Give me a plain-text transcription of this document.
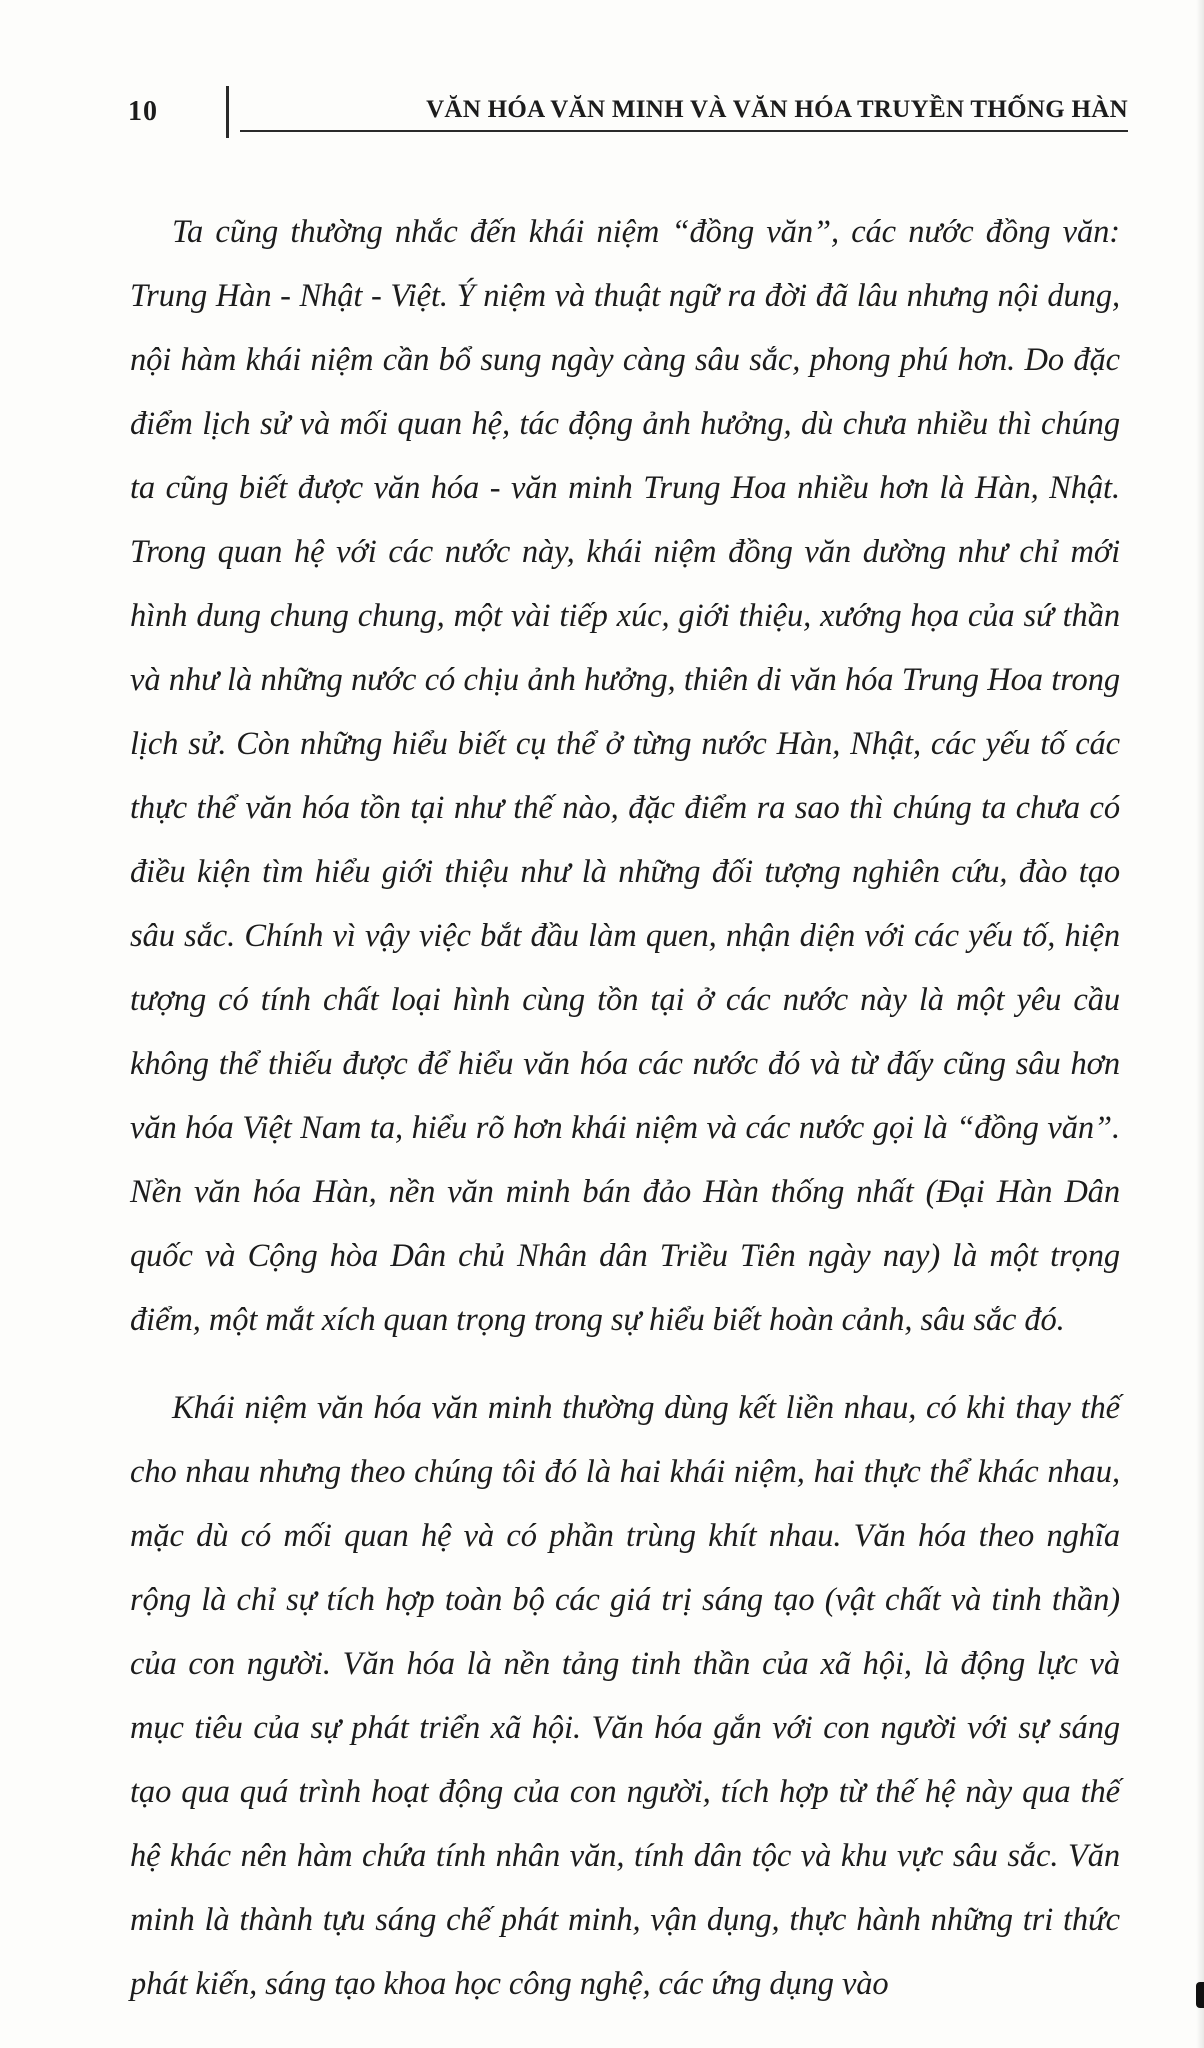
10	VĂN HÓA VĂN MINH VÀ VĂN HÓA TRUYỀN THỐNG HÀN

Ta cũng thường nhắc đến khái niệm “đồng văn”, các nước đồng văn: Trung Hàn - Nhật - Việt. Ý niệm và thuật ngữ ra đời đã lâu nhưng nội dung, nội hàm khái niệm cần bổ sung ngày càng sâu sắc, phong phú hơn. Do đặc điểm lịch sử và mối quan hệ, tác động ảnh hưởng, dù chưa nhiều thì chúng ta cũng biết được văn hóa - văn minh Trung Hoa nhiều hơn là Hàn, Nhật. Trong quan hệ với các nước này, khái niệm đồng văn dường như chỉ mới hình dung chung chung, một vài tiếp xúc, giới thiệu, xướng họa của sứ thần và như là những nước có chịu ảnh hưởng, thiên di văn hóa Trung Hoa trong lịch sử. Còn những hiểu biết cụ thể ở từng nước Hàn, Nhật, các yếu tố các thực thể văn hóa tồn tại như thế nào, đặc điểm ra sao thì chúng ta chưa có điều kiện tìm hiểu giới thiệu như là những đối tượng nghiên cứu, đào tạo sâu sắc. Chính vì vậy việc bắt đầu làm quen, nhận diện với các yếu tố, hiện tượng có tính chất loại hình cùng tồn tại ở các nước này là một yêu cầu không thể thiếu được để hiểu văn hóa các nước đó và từ đấy cũng sâu hơn văn hóa Việt Nam ta, hiểu rõ hơn khái niệm và các nước gọi là “đồng văn”. Nền văn hóa Hàn, nền văn minh bán đảo Hàn thống nhất (Đại Hàn Dân quốc và Cộng hòa Dân chủ Nhân dân Triều Tiên ngày nay) là một trọng điểm, một mắt xích quan trọng trong sự hiểu biết hoàn cảnh, sâu sắc đó.

Khái niệm văn hóa văn minh thường dùng kết liền nhau, có khi thay thế cho nhau nhưng theo chúng tôi đó là hai khái niệm, hai thực thể khác nhau, mặc dù có mối quan hệ và có phần trùng khít nhau. Văn hóa theo nghĩa rộng là chỉ sự tích hợp toàn bộ các giá trị sáng tạo (vật chất và tinh thần) của con người. Văn hóa là nền tảng tinh thần của xã hội, là động lực và mục tiêu của sự phát triển xã hội. Văn hóa gắn với con người với sự sáng tạo qua quá trình hoạt động của con người, tích hợp từ thế hệ này qua thế hệ khác nên hàm chứa tính nhân văn, tính dân tộc và khu vực sâu sắc. Văn minh là thành tựu sáng chế phát minh, vận dụng, thực hành những tri thức phát kiến, sáng tạo khoa học công nghệ, các ứng dụng vào
